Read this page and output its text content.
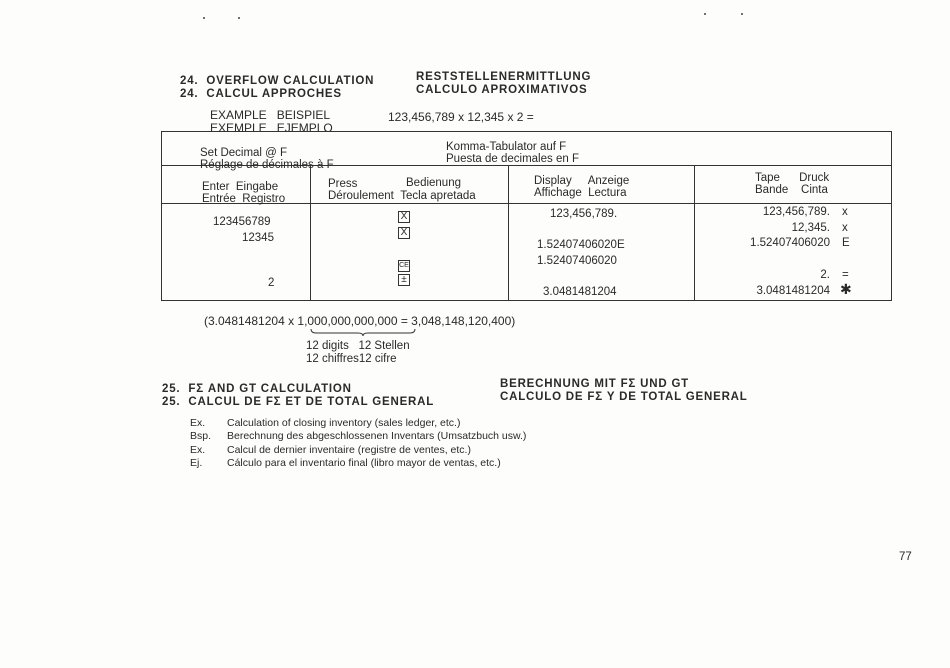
24. OVERFLOW CALCULATION
24. CALCUL APPROCHES
RESTSTELLENERMITTLUNG
CALCULO APROXIMATIVOS
EXAMPLE BEISPIEL
EXEMPLE EJEMPLO
123,456,789 x 12,345 x 2 =
Set Decimal @ F
Réglage de décimales à F
Komma-Tabulator auf F
Puesta de decimales en F
Enter Eingabe
Entrée Registro
Press	Bedienung
Déroulement Tecla apretada
Display Anzeige
Affichage Lectura
Tape Druck
Bande Cinta
123456789
12345
2
X
X
CE
±
123,456,789.
1.52407406020E
1.52407406020
3.0481481204
123,456,789. x
12,345. x
1.52407406020 E
2. =
3.0481481204 ✱
(3.0481481204 x 1,000,000,000,000 = 3,048,148,120,400)
12 digits 12 Stellen
12 chiffres12 cifre
25. FΣ AND GT CALCULATION
25. CALCUL DE FΣ ET DE TOTAL GENERAL
BERECHNUNG MIT FΣ UND GT
CALCULO DE FΣ Y DE TOTAL GENERAL
Ex. Calculation of closing inventory (sales ledger, etc.)
Bsp. Berechnung des abgeschlossenen Inventars (Umsatzbuch usw.)
Ex. Calcul de dernier inventaire (registre de ventes, etc.)
Ej. Cálculo para el inventario final (libro mayor de ventas, etc.)
77
